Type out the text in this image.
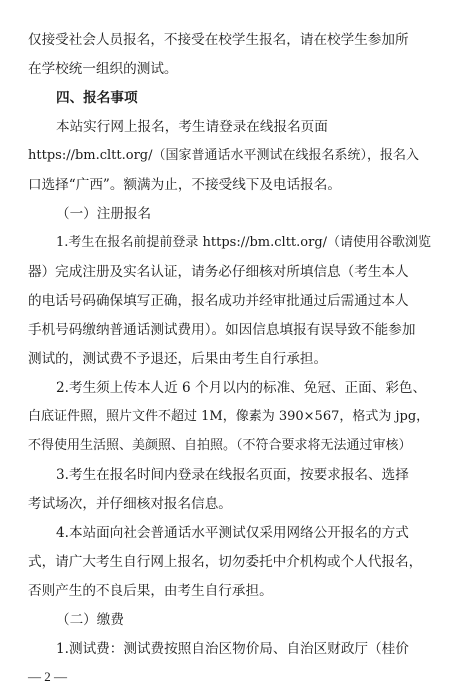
仅接受社会人员报名，不接受在校学生报名，请在校学生参加所
在学校统一组织的测试。
四、报名事项
本站实行网上报名，考生请登录在线报名页面
https://bm.cltt.org/（国家普通话水平测试在线报名系统），报名入
口选择“广西”。额满为止，不接受线下及电话报名。
（一）注册报名
1.考生在报名前提前登录 https://bm.cltt.org/（请使用谷歌浏览
器）完成注册及实名认证，请务必仔细核对所填信息（考生本人
的电话号码确保填写正确，报名成功并经审批通过后需通过本人
手机号码缴纳普通话测试费用）。如因信息填报有误导致不能参加
测试的，测试费不予退还，后果由考生自行承担。
2.考生须上传本人近 6 个月以内的标准、免冠、正面、彩色、
白底证件照，照片文件不超过 1M，像素为 390×567，格式为 jpg，
不得使用生活照、美颜照、自拍照。（不符合要求将无法通过审核）
3.考生在报名时间内登录在线报名页面，按要求报名、选择
考试场次，并仔细核对报名信息。
4.本站面向社会普通话水平测试仅采用网络公开报名的方式
式，请广大考生自行网上报名，切勿委托中介机构或个人代报名，
否则产生的不良后果，由考生自行承担。
（二）缴费
1.测试费：测试费按照自治区物价局、自治区财政厅（桂价
— 2 —
